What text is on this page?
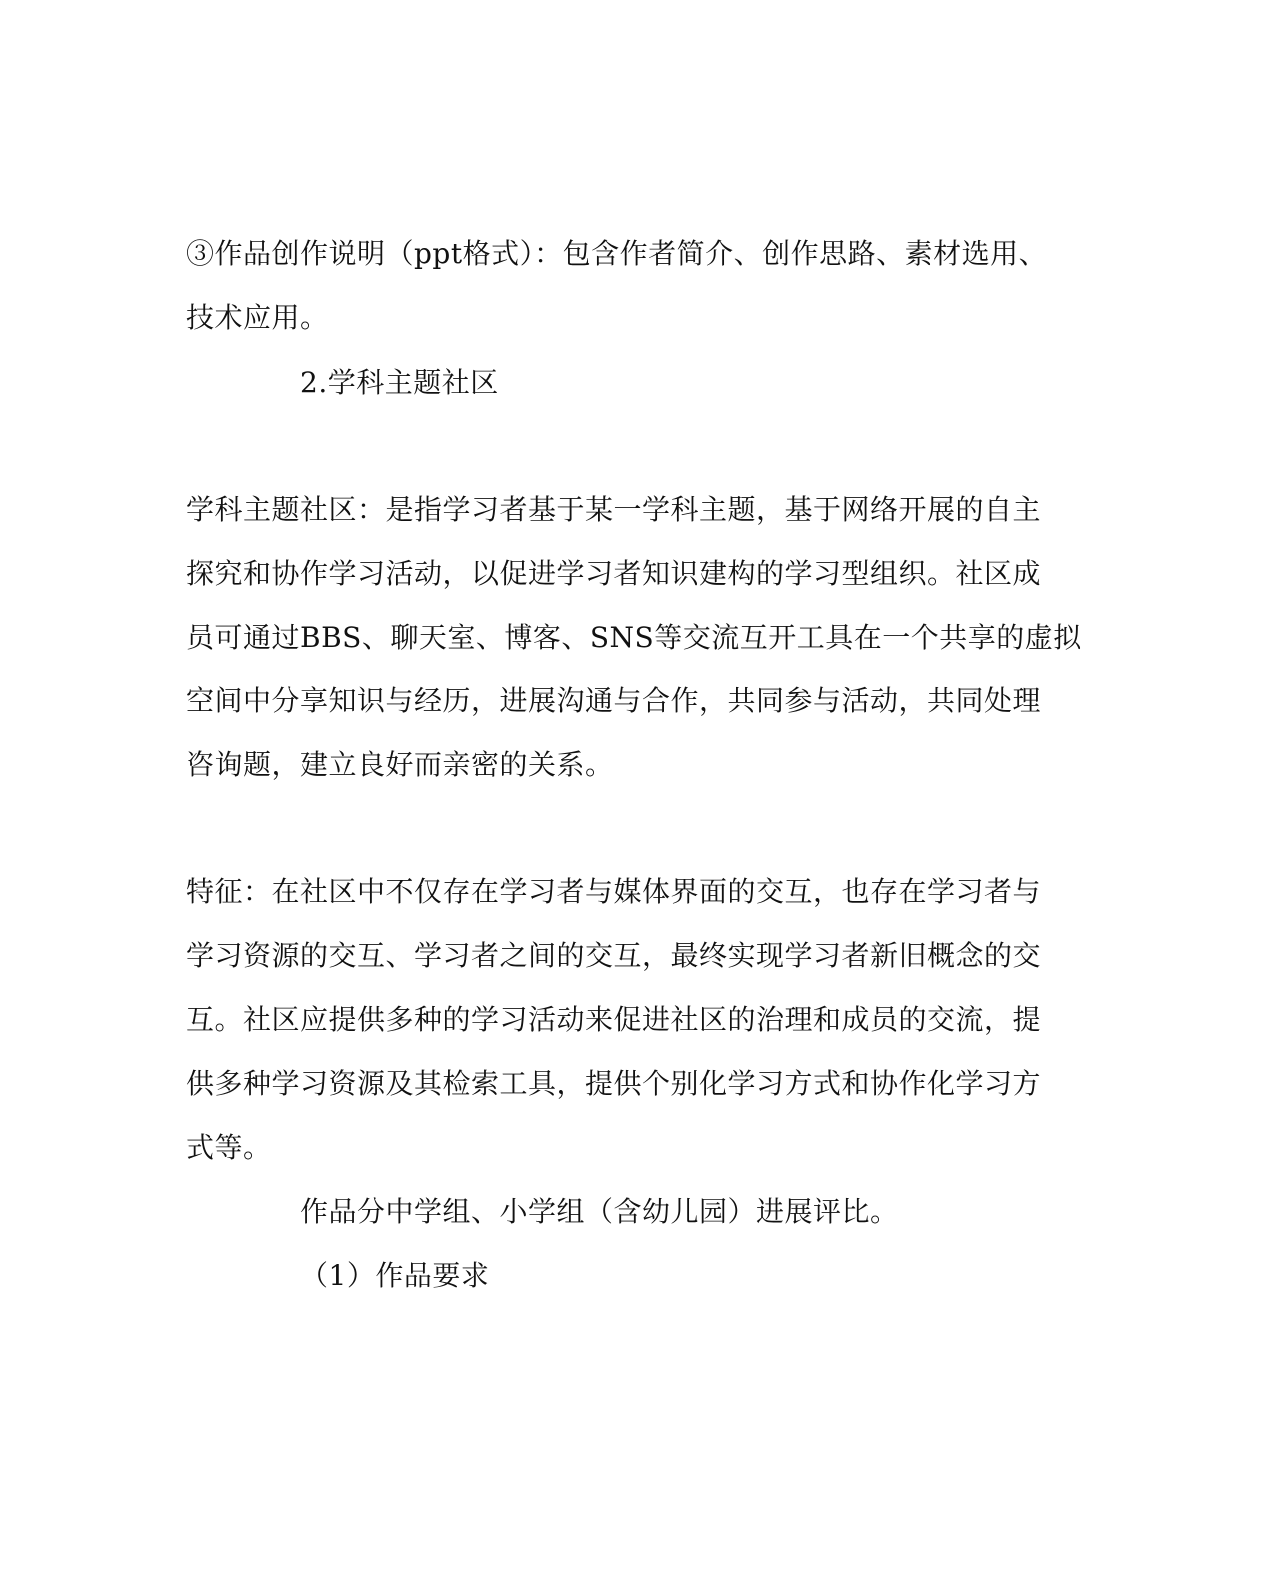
③作品创作说明（ppt格式）：包含作者简介、创作思路、素材选用、
技术应用。
2.学科主题社区
学科主题社区：是指学习者基于某一学科主题，基于网络开展的自主
探究和协作学习活动，以促进学习者知识建构的学习型组织。社区成
员可通过BBS、聊天室、博客、SNS等交流互开工具在一个共享的虚拟
空间中分享知识与经历，进展沟通与合作，共同参与活动，共同处理
咨询题，建立良好而亲密的关系。
特征：在社区中不仅存在学习者与媒体界面的交互，也存在学习者与
学习资源的交互、学习者之间的交互，最终实现学习者新旧概念的交
互。社区应提供多种的学习活动来促进社区的治理和成员的交流，提
供多种学习资源及其检索工具，提供个别化学习方式和协作化学习方
式等。
作品分中学组、小学组（含幼儿园）进展评比。
（1）作品要求
